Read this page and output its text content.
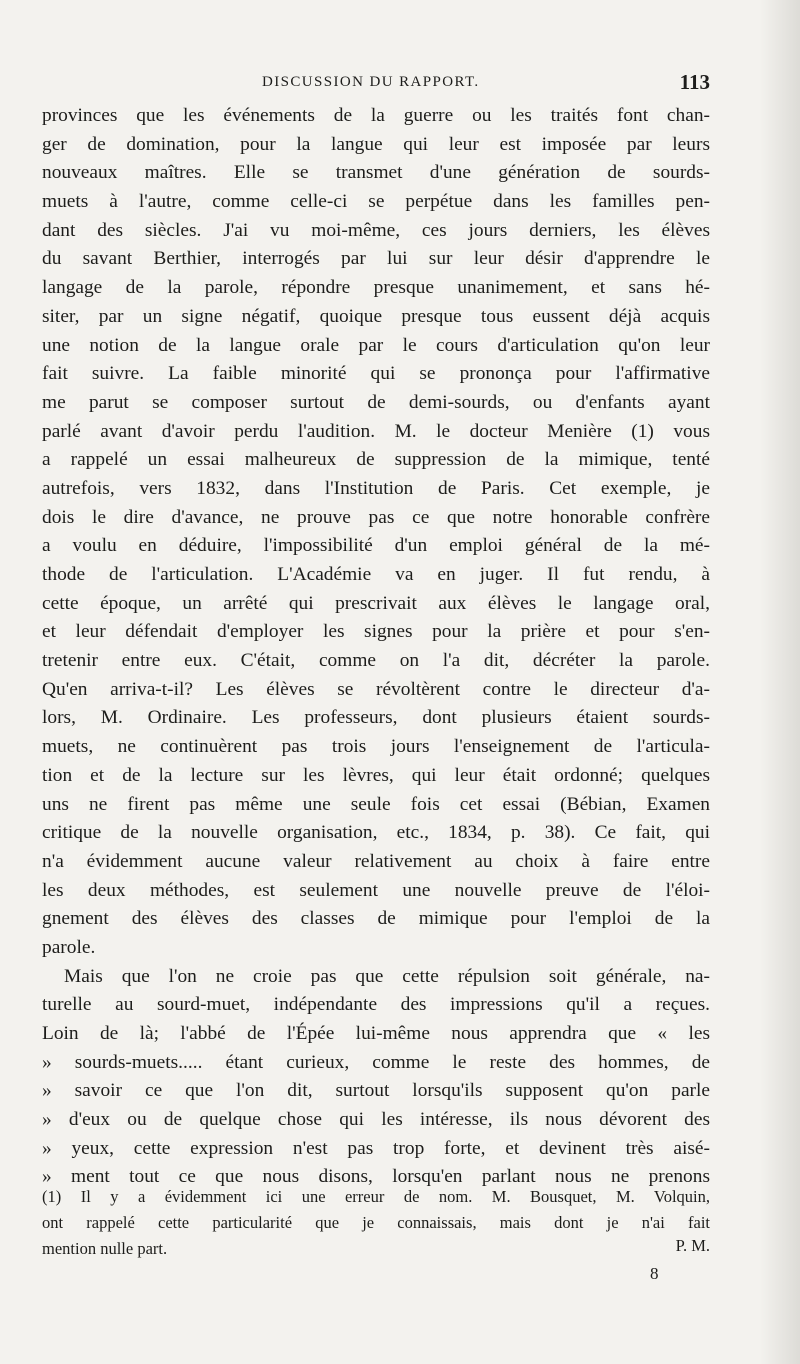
DISCUSSION DU RAPPORT.	113
provinces que les événements de la guerre ou les traités font chan-
ger de domination, pour la langue qui leur est imposée par leurs
nouveaux maîtres. Elle se transmet d'une génération de sourds-
muets à l'autre, comme celle-ci se perpétue dans les familles pen-
dant des siècles. J'ai vu moi-même, ces jours derniers, les élèves
du savant Berthier, interrogés par lui sur leur désir d'apprendre le
langage de la parole, répondre presque unanimement, et sans hé-
siter, par un signe négatif, quoique presque tous eussent déjà acquis
une notion de la langue orale par le cours d'articulation qu'on leur
fait suivre. La faible minorité qui se prononça pour l'affirmative
me parut se composer surtout de demi-sourds, ou d'enfants ayant
parlé avant d'avoir perdu l'audition. M. le docteur Menière (1) vous
a rappelé un essai malheureux de suppression de la mimique, tenté
autrefois, vers 1832, dans l'Institution de Paris. Cet exemple, je
dois le dire d'avance, ne prouve pas ce que notre honorable confrère
a voulu en déduire, l'impossibilité d'un emploi général de la mé-
thode de l'articulation. L'Académie va en juger. Il fut rendu, à
cette époque, un arrêté qui prescrivait aux élèves le langage oral,
et leur défendait d'employer les signes pour la prière et pour s'en-
tretenir entre eux. C'était, comme on l'a dit, décréter la parole.
Qu'en arriva-t-il? Les élèves se révoltèrent contre le directeur d'a-
lors, M. Ordinaire. Les professeurs, dont plusieurs étaient sourds-
muets, ne continuèrent pas trois jours l'enseignement de l'articula-
tion et de la lecture sur les lèvres, qui leur était ordonné; quelques
uns ne firent pas même une seule fois cet essai (Bébian, Examen
critique de la nouvelle organisation, etc., 1834, p. 38). Ce fait, qui
n'a évidemment aucune valeur relativement au choix à faire entre
les deux méthodes, est seulement une nouvelle preuve de l'éloi-
gnement des élèves des classes de mimique pour l'emploi de la
parole.
Mais que l'on ne croie pas que cette répulsion soit générale, na-
turelle au sourd-muet, indépendante des impressions qu'il a reçues.
Loin de là; l'abbé de l'Épée lui-même nous apprendra que « les
» sourds-muets..... étant curieux, comme le reste des hommes, de
» savoir ce que l'on dit, surtout lorsqu'ils supposent qu'on parle
» d'eux ou de quelque chose qui les intéresse, ils nous dévorent des
» yeux, cette expression n'est pas trop forte, et devinent très aisé-
» ment tout ce que nous disons, lorsqu'en parlant nous ne prenons
(1) Il y a évidemment ici une erreur de nom. M. Bousquet, M. Volquin,
ont rappelé cette particularité que je connaissais, mais dont je n'ai fait
mention nulle part.	P. M.
8
